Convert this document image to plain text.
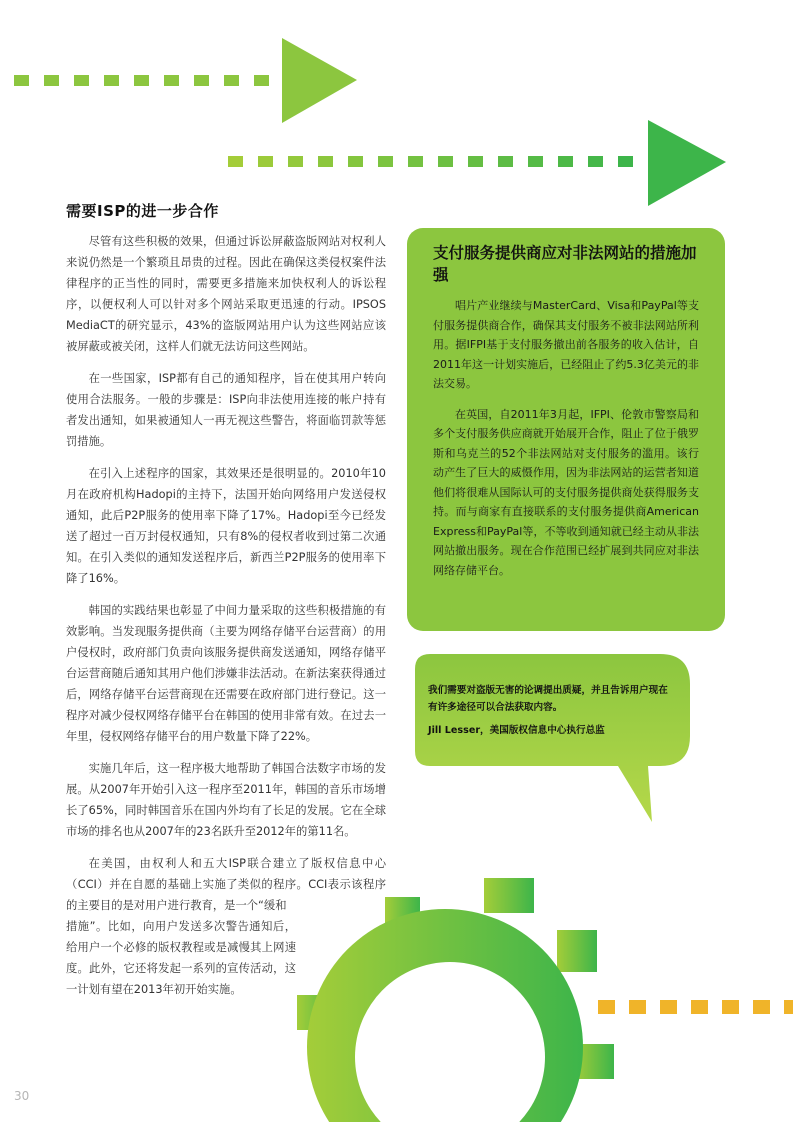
需要ISP的进一步合作

尽管有这些积极的效果，但通过诉讼屏蔽盗版网站对权利人来说仍然是一个繁琐且昂贵的过程。因此在确保这类侵权案件法律程序的正当性的同时，需要更多措施来加快权利人的诉讼程序，以便权利人可以针对多个网站采取更迅速的行动。IPSOS MediaCT的研究显示，43%的盗版网站用户认为这些网站应该被屏蔽或被关闭，这样人们就无法访问这些网站。

在一些国家，ISP都有自己的通知程序，旨在使其用户转向使用合法服务。一般的步骤是：ISP向非法使用连接的帐户持有者发出通知，如果被通知人一再无视这些警告，将面临罚款等惩罚措施。

在引入上述程序的国家，其效果还是很明显的。2010年10月在政府机构Hadopi的主持下，法国开始向网络用户发送侵权通知，此后P2P服务的使用率下降了17%。Hadopi至今已经发送了超过一百万封侵权通知，只有8%的侵权者收到过第二次通知。在引入类似的通知发送程序后，新西兰P2P服务的使用率下降了16%。

韩国的实践结果也彰显了中间力量采取的这些积极措施的有效影响。当发现服务提供商（主要为网络存储平台运营商）的用户侵权时，政府部门负责向该服务提供商发送通知，网络存储平台运营商随后通知其用户他们涉嫌非法活动。在新法案获得通过后，网络存储平台运营商现在还需要在政府部门进行登记。这一程序对减少侵权网络存储平台在韩国的使用非常有效。在过去一年里，侵权网络存储平台的用户数量下降了22%。

实施几年后，这一程序极大地帮助了韩国合法数字市场的发展。从2007年开始引入这一程序至2011年，韩国的音乐市场增长了65%，同时韩国音乐在国内外均有了长足的发展。它在全球市场的排名也从2007年的23名跃升至2012年的第11名。

在美国，由权利人和五大ISP联合建立了版权信息中心（CCI）并在自愿的基础上实施了类似的程序。CCI表示该程序的主要目的是对用户进行教育，是一个“缓和

措施”。比如，向用户发送多次警告通知后，给用户一个必修的版权教程或是减慢其上网速度。此外，它还将发起一系列的宣传活动，这一计划有望在2013年初开始实施。

支付服务提供商应对非法网站的措施加强

唱片产业继续与MasterCard、Visa和PayPal等支付服务提供商合作，确保其支付服务不被非法网站所利用。据IFPI基于支付服务撤出前各服务的收入估计，自2011年这一计划实施后，已经阻止了约5.3亿美元的非法交易。

在英国，自2011年3月起，IFPI、伦敦市警察局和多个支付服务供应商就开始展开合作，阻止了位于俄罗斯和乌克兰的52个非法网站对支付服务的滥用。该行动产生了巨大的威慑作用，因为非法网站的运营者知道他们将很难从国际认可的支付服务提供商处获得服务支持。而与商家有直接联系的支付服务提供商American Express和PayPal等，不等收到通知就已经主动从非法网站撤出服务。现在合作范围已经扩展到共同应对非法网络存储平台。

我们需要对盗版无害的论调提出质疑，并且告诉用户现在有许多途径可以合法获取内容。
Jill Lesser，美国版权信息中心执行总监
30
